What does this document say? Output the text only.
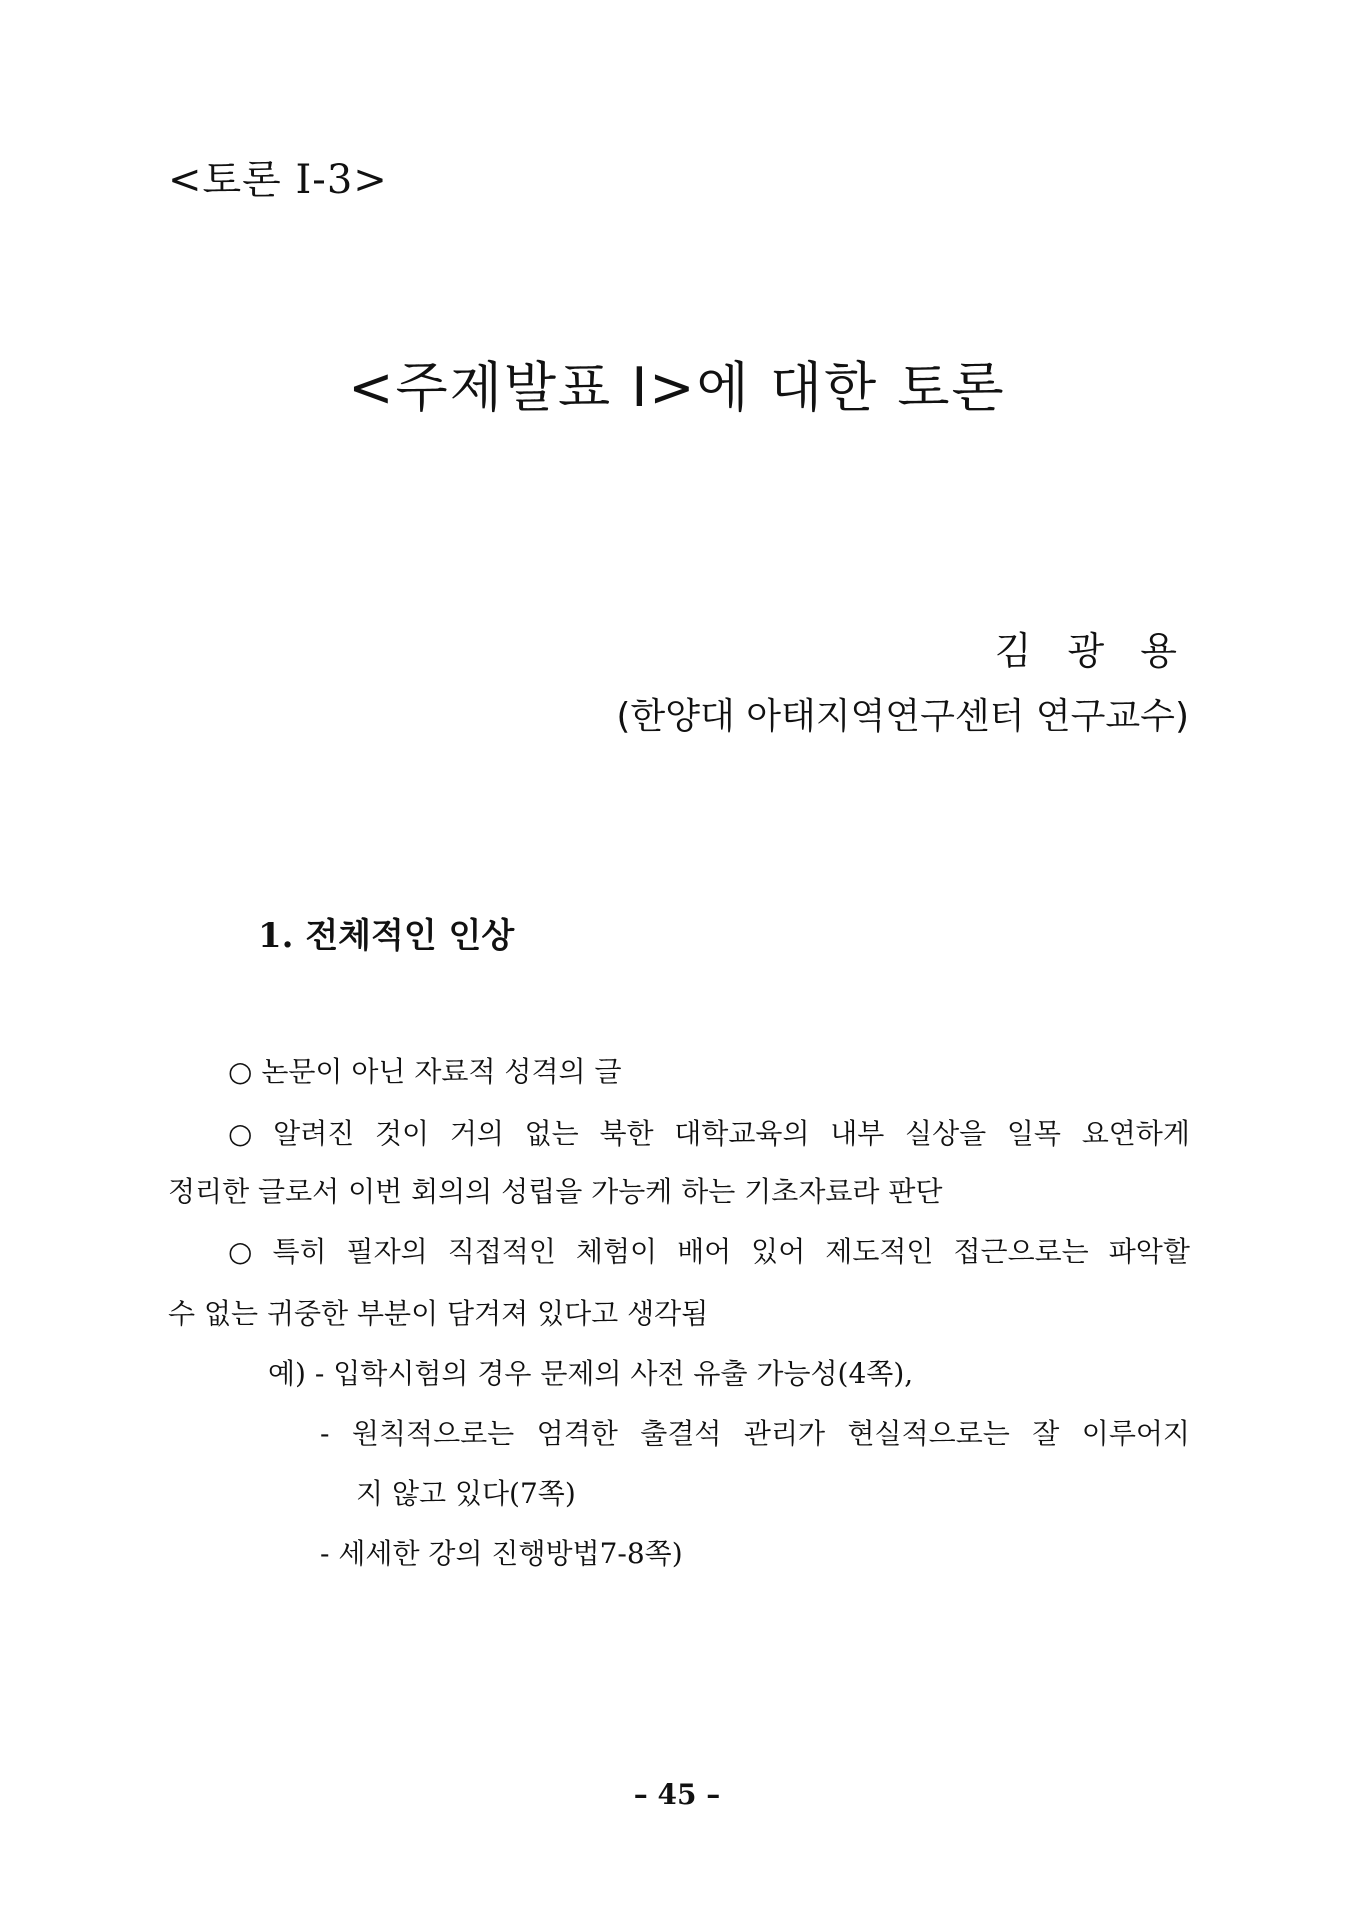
<토론 Ⅰ-3>
<주제발표 Ⅰ>에 대한 토론
김 광 용
(한양대 아태지역연구센터 연구교수)
1. 전체적인 인상
○ 논문이 아닌 자료적 성격의 글
○ 알려진 것이 거의 없는 북한 대학교육의 내부 실상을 일목 요연하게
정리한 글로서 이번 회의의 성립을 가능케 하는 기초자료라 판단
○ 특히 필자의 직접적인 체험이 배어 있어 제도적인 접근으로는 파악할
수 없는 귀중한 부분이 담겨져 있다고 생각됨
예) - 입학시험의 경우 문제의 사전 유출 가능성(4쪽),
- 원칙적으로는 엄격한 출결석 관리가 현실적으로는 잘 이루어지
지 않고 있다(7쪽)
- 세세한 강의 진행방법7-8쪽)
– 45 –
